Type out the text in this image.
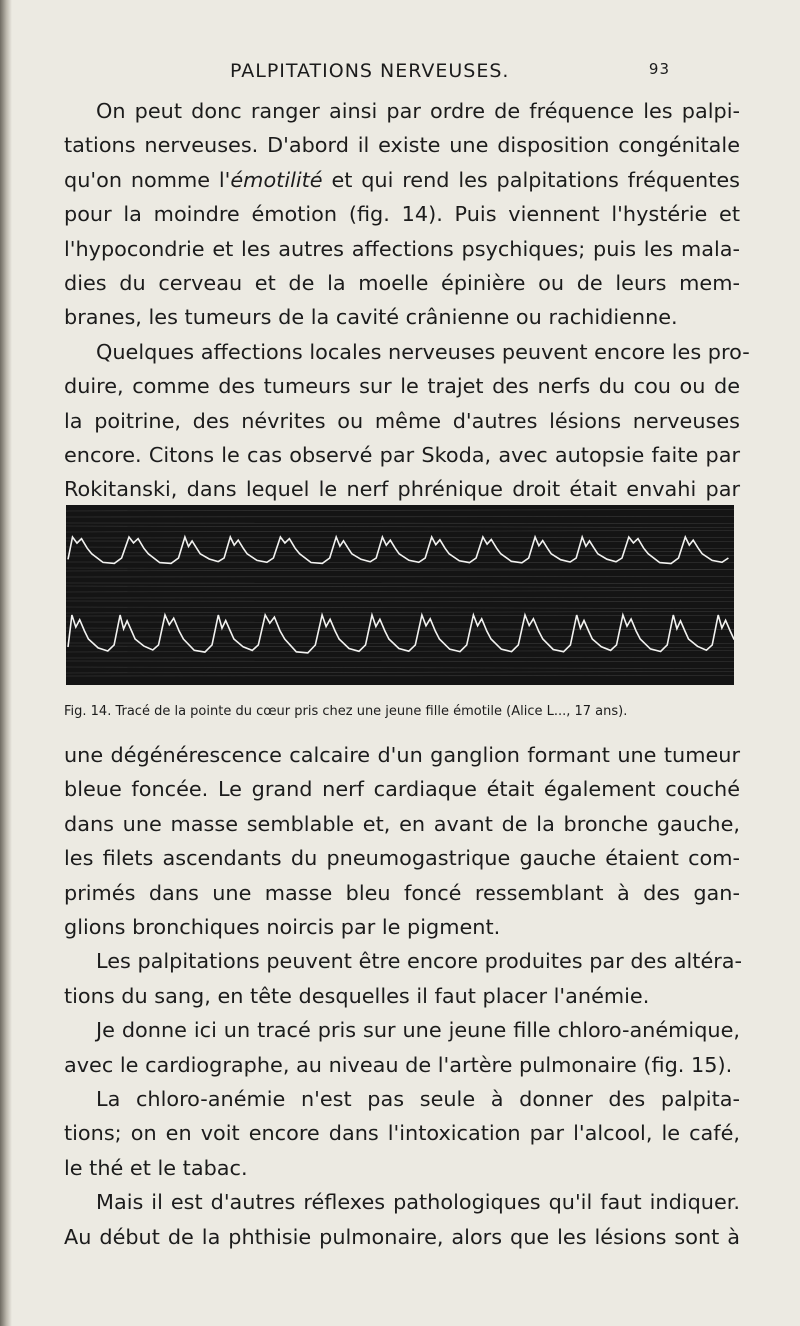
PALPITATIONS NERVEUSES.	93

On peut donc ranger ainsi par ordre de fréquence les palpi-
tations nerveuses. D'abord il existe une disposition congénitale
qu'on nomme l'émotilité et qui rend les palpitations fréquentes
pour la moindre émotion (fig. 14). Puis viennent l'hystérie et
l'hypocondrie et les autres affections psychiques; puis les mala-
dies du cerveau et de la moelle épinière ou de leurs mem-
branes, les tumeurs de la cavité crânienne ou rachidienne.

Quelques affections locales nerveuses peuvent encore les pro-
duire, comme des tumeurs sur le trajet des nerfs du cou ou de
la poitrine, des névrites ou même d'autres lésions nerveuses
encore. Citons le cas observé par Skoda, avec autopsie faite par
Rokitanski, dans lequel le nerf phrénique droit était envahi par

Fig. 14. Tracé de la pointe du cœur pris chez une jeune fille émotile (Alice L..., 17 ans).

une dégénérescence calcaire d'un ganglion formant une tumeur
bleue foncée. Le grand nerf cardiaque était également couché
dans une masse semblable et, en avant de la bronche gauche,
les filets ascendants du pneumogastrique gauche étaient com-
primés dans une masse bleu foncé ressemblant à des gan-
glions bronchiques noircis par le pigment.

Les palpitations peuvent être encore produites par des altéra-
tions du sang, en tête desquelles il faut placer l'anémie.

Je donne ici un tracé pris sur une jeune fille chloro-anémique,
avec le cardiographe, au niveau de l'artère pulmonaire (fig. 15).

La chloro-anémie n'est pas seule à donner des palpita-
tions; on en voit encore dans l'intoxication par l'alcool, le café,
le thé et le tabac.

Mais il est d'autres réflexes pathologiques qu'il faut indiquer.
Au début de la phthisie pulmonaire, alors que les lésions sont à
